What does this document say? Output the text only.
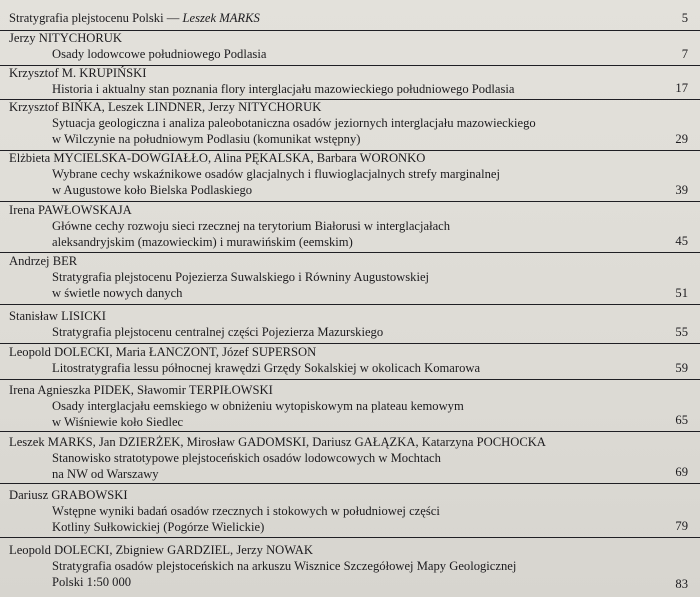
Stratygrafia plejstocenu Polski — Leszek MARKS	5
Jerzy NITYCHORUK
Osady lodowcowe południowego Podlasia	7
Krzysztof M. KRUPIŃSKI
Historia i aktualny stan poznania flory interglacjału mazowieckiego południowego Podlasia	17
Krzysztof BIŃKA, Leszek LINDNER, Jerzy NITYCHORUK
Sytuacja geologiczna i analiza paleobotaniczna osadów jeziornych interglacjału mazowieckiego
w Wilczynie na południowym Podlasiu (komunikat wstępny)	29
Elżbieta MYCIELSKA-DOWGIAŁŁO, Alina PĘKALSKA, Barbara WORONKO
Wybrane cechy wskaźnikowe osadów glacjalnych i fluwioglacjalnych strefy marginalnej
w Augustowe koło Bielska Podlaskiego	39
Irena PAWŁOWSKAJA
Główne cechy rozwoju sieci rzecznej na terytorium Białorusi w interglacjałach
aleksandryjskim (mazowieckim) i murawińskim (eemskim)	45
Andrzej BER
Stratygrafia plejstocenu Pojezierza Suwalskiego i Równiny Augustowskiej
w świetle nowych danych	51
Stanisław LISICKI
Stratygrafia plejstocenu centralnej części Pojezierza Mazurskiego	55
Leopold DOLECKI, Maria ŁANCZONT, Józef SUPERSON
Litostratygrafia lessu północnej krawędzi Grzędy Sokalskiej w okolicach Komarowa	59
Irena Agnieszka PIDEK, Sławomir TERPIŁOWSKI
Osady interglacjału eemskiego w obniżeniu wytopiskowym na plateau kemowym
w Wiśniewie koło Siedlec	65
Leszek MARKS, Jan DZIERŻEK, Mirosław GADOMSKI, Dariusz GAŁĄZKA, Katarzyna POCHOCKA
Stanowisko stratotypowe plejstoceńskich osadów lodowcowych w Mochtach
na NW od Warszawy	69
Dariusz GRABOWSKI
Wstępne wyniki badań osadów rzecznych i stokowych w południowej części
Kotliny Sułkowickiej (Pogórze Wielickie)	79
Leopold DOLECKI, Zbigniew GARDZIEL, Jerzy NOWAK
Stratygrafia osadów plejstoceńskich na arkuszu Wisznice Szczegółowej Mapy Geologicznej
Polski 1:50 000	83
